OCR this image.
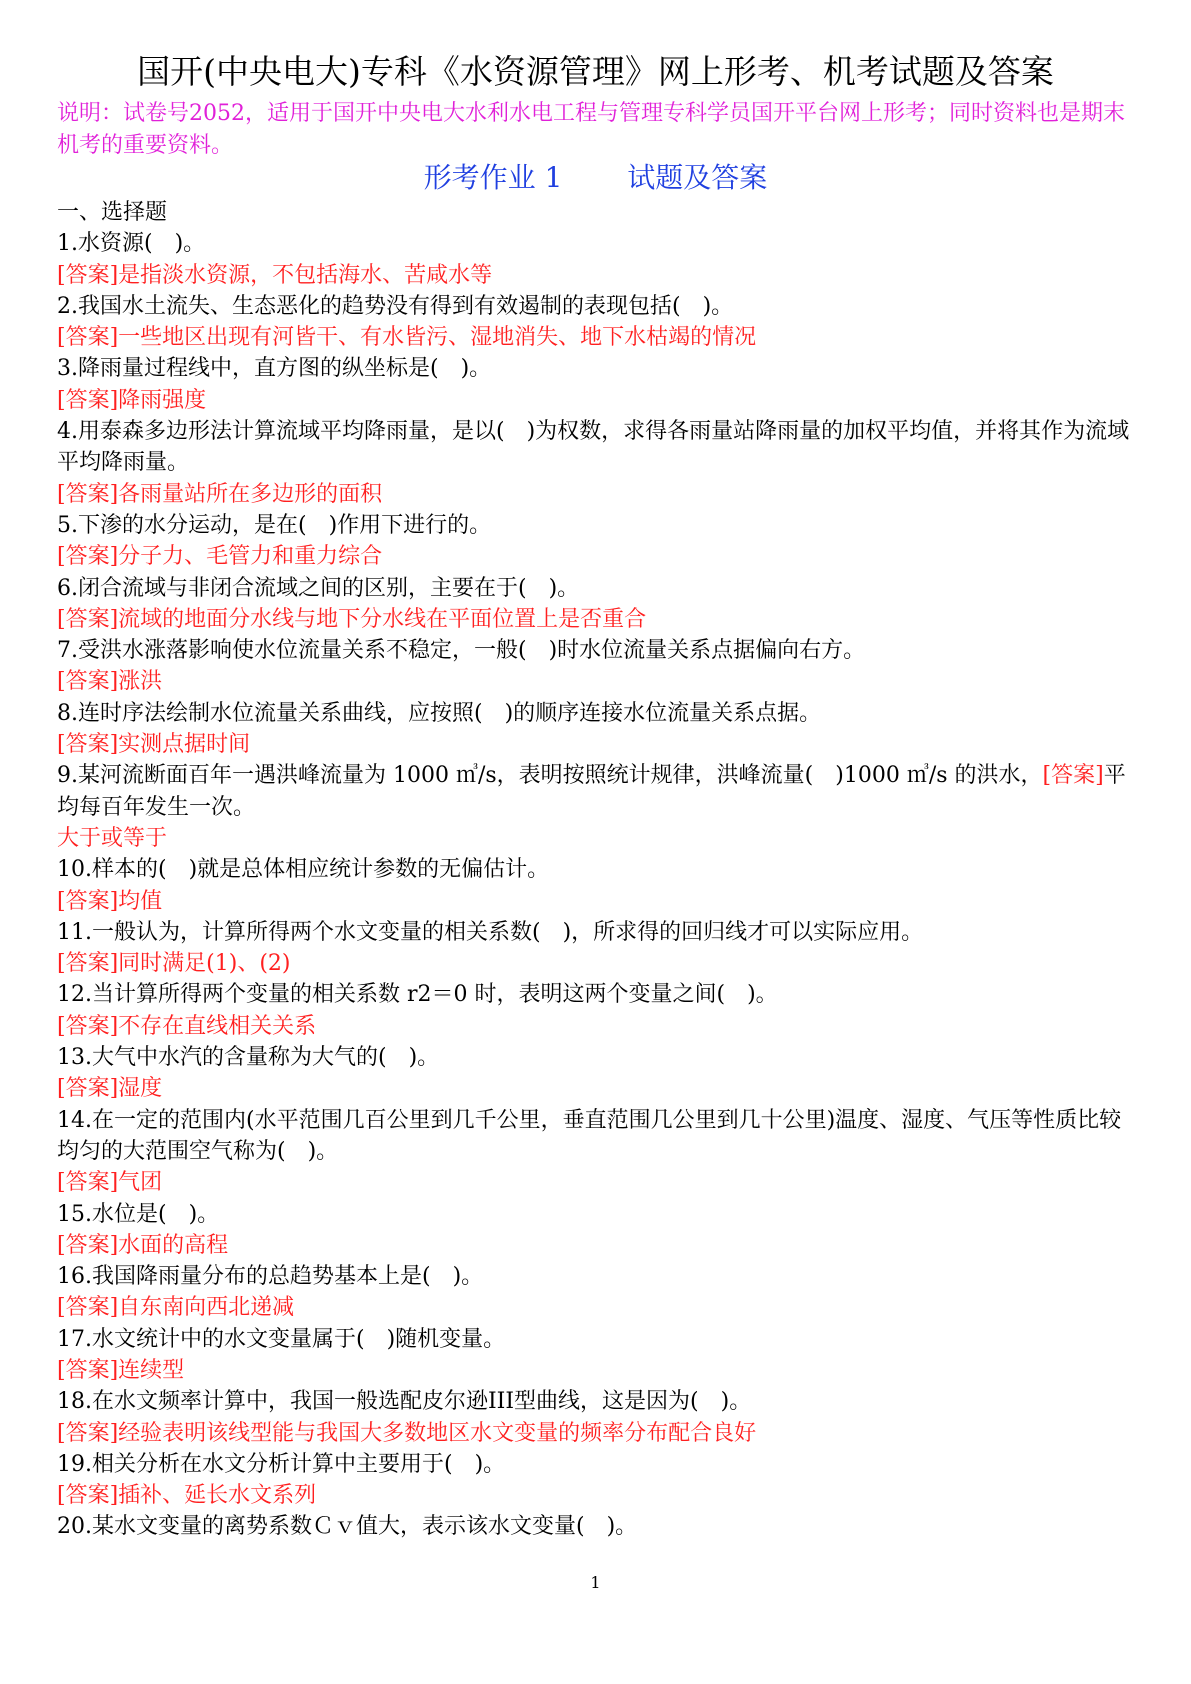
国开(中央电大)专科《水资源管理》网上形考、机考试题及答案
说明：试卷号2052，适用于国开中央电大水利水电工程与管理专科学员国开平台网上形考；同时资料也是期末机考的重要资料。
形考作业 1 试题及答案
一、选择题
1.水资源(　)。
[答案]是指淡水资源，不包括海水、苦咸水等
2.我国水土流失、生态恶化的趋势没有得到有效遏制的表现包括(　)。
[答案]一些地区出现有河皆干、有水皆污、湿地消失、地下水枯竭的情况
3.降雨量过程线中，直方图的纵坐标是(　)。
[答案]降雨强度
4.用泰森多边形法计算流域平均降雨量，是以(　)为权数，求得各雨量站降雨量的加权平均值，并将其作为流域平均降雨量。
[答案]各雨量站所在多边形的面积
5.下渗的水分运动，是在(　)作用下进行的。
[答案]分子力、毛管力和重力综合
6.闭合流域与非闭合流域之间的区别，主要在于(　)。
[答案]流域的地面分水线与地下分水线在平面位置上是否重合
7.受洪水涨落影响使水位流量关系不稳定，一般(　)时水位流量关系点据偏向右方。
[答案]涨洪
8.连时序法绘制水位流量关系曲线，应按照(　)的顺序连接水位流量关系点据。
[答案]实测点据时间
9.某河流断面百年一遇洪峰流量为 1000 ㎥/s，表明按照统计规律，洪峰流量(　)1000 ㎥/s 的洪水，[答案]平均每百年发生一次。
大于或等于
10.样本的(　)就是总体相应统计参数的无偏估计。
[答案]均值
11.一般认为，计算所得两个水文变量的相关系数(　)，所求得的回归线才可以实际应用。
[答案]同时满足(1)、(2)
12.当计算所得两个变量的相关系数 r2＝0 时，表明这两个变量之间(　)。
[答案]不存在直线相关关系
13.大气中水汽的含量称为大气的(　)。
[答案]湿度
14.在一定的范围内(水平范围几百公里到几千公里，垂直范围几公里到几十公里)温度、湿度、气压等性质比较均匀的大范围空气称为(　)。
[答案]气团
15.水位是(　)。
[答案]水面的高程
16.我国降雨量分布的总趋势基本上是(　)。
[答案]自东南向西北递减
17.水文统计中的水文变量属于(　)随机变量。
[答案]连续型
18.在水文频率计算中，我国一般选配皮尔逊III型曲线，这是因为(　)。
[答案]经验表明该线型能与我国大多数地区水文变量的频率分布配合良好
19.相关分析在水文分析计算中主要用于(　)。
[答案]插补、延长水文系列
20.某水文变量的离势系数Ｃｖ值大，表示该水文变量(　)。
1
